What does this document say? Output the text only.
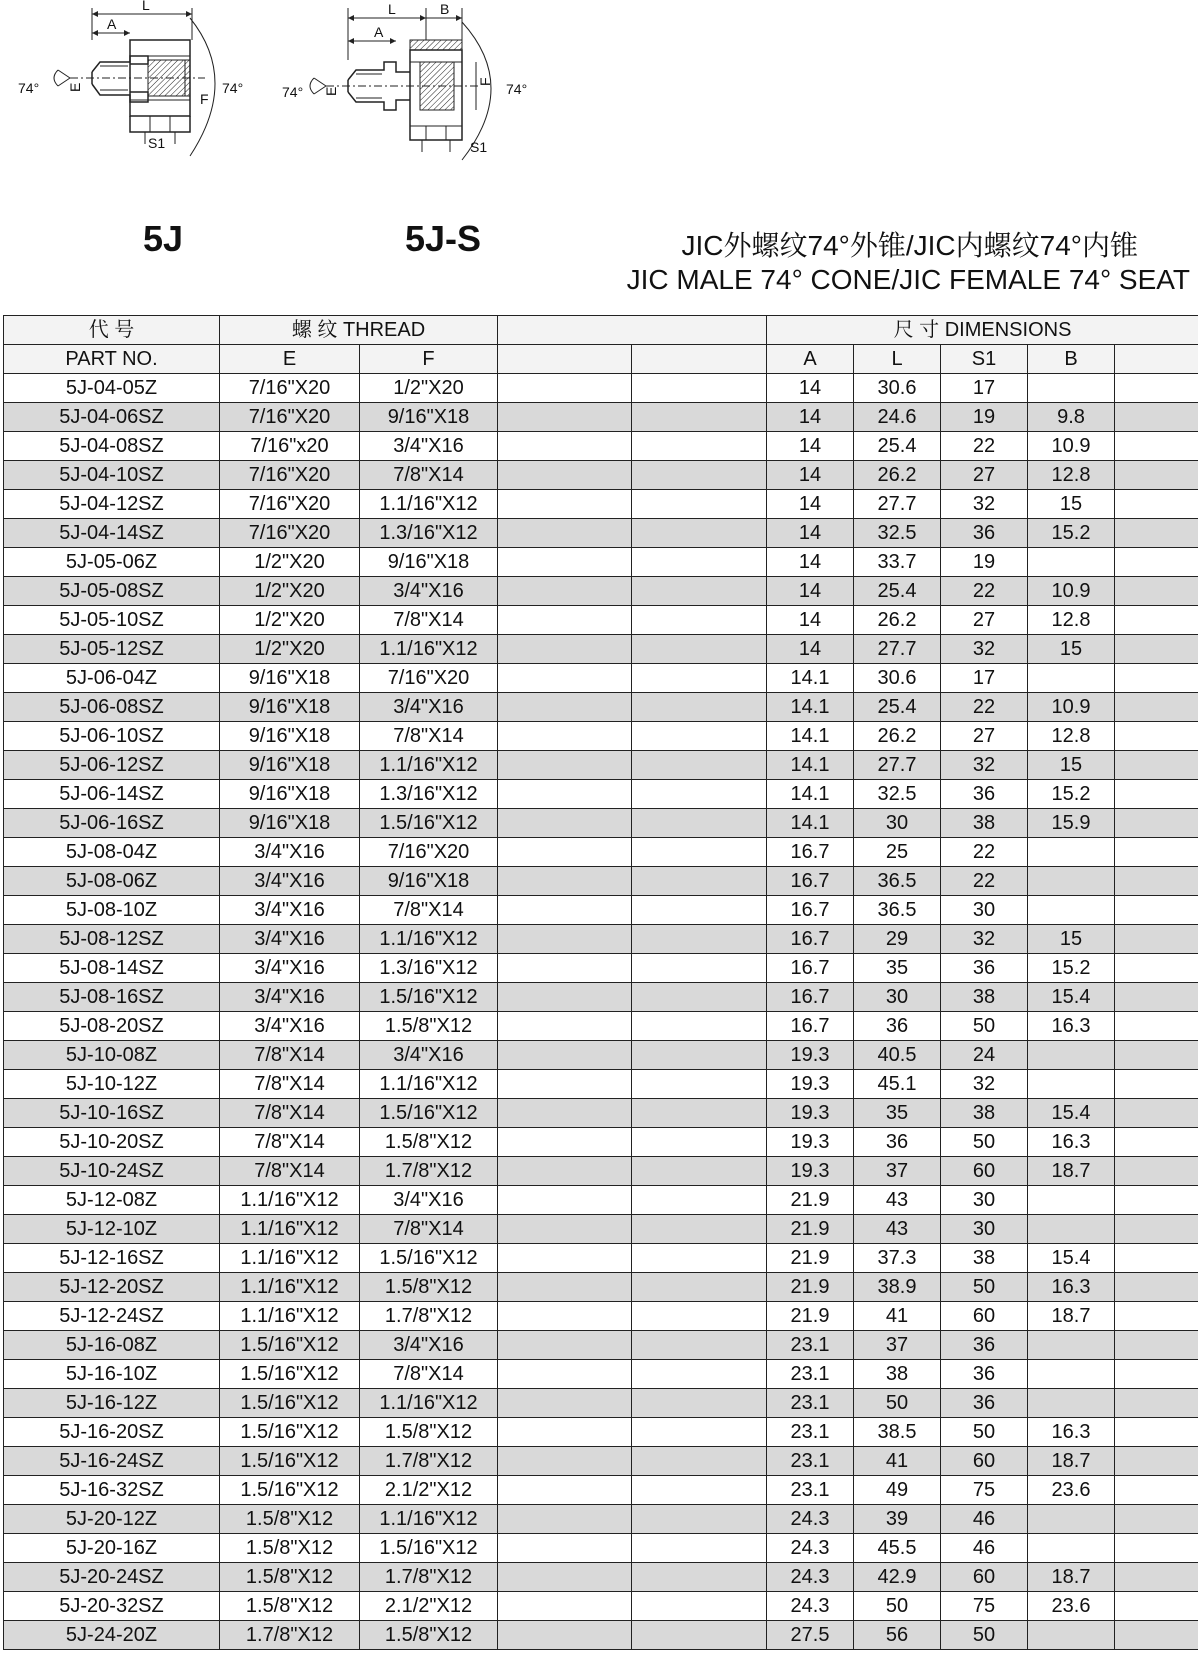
L
A
74° E
F
74°
S1
L	B
A
74° E
F 74°
S1
5J	5J-S	JIC外螺纹74°外锥/JIC内螺纹74°内锥
JIC MALE 74° CONE/JIC FEMALE 74° SEAT
代 号	螺 纹 THREAD				尺 寸 DIMENSIONS				
PART NO.	E	F			A	L	S1	B	
5J-04-05Z	7/16"X20	1/2"X20			14	30.6	17		
5J-04-06SZ	7/16"X20	9/16"X18			14	24.6	19	9.8	
5J-04-08SZ	7/16"x20	3/4"X16			14	25.4	22	10.9	
5J-04-10SZ	7/16"X20	7/8"X14			14	26.2	27	12.8	
5J-04-12SZ	7/16"X20	1.1/16"X12			14	27.7	32	15	
5J-04-14SZ	7/16"X20	1.3/16"X12			14	32.5	36	15.2	
5J-05-06Z	1/2"X20	9/16"X18			14	33.7	19		
5J-05-08SZ	1/2"X20	3/4"X16			14	25.4	22	10.9	
5J-05-10SZ	1/2"X20	7/8"X14			14	26.2	27	12.8	
5J-05-12SZ	1/2"X20	1.1/16"X12			14	27.7	32	15	
5J-06-04Z	9/16"X18	7/16"X20			14.1	30.6	17		
5J-06-08SZ	9/16"X18	3/4"X16			14.1	25.4	22	10.9	
5J-06-10SZ	9/16"X18	7/8"X14			14.1	26.2	27	12.8	
5J-06-12SZ	9/16"X18	1.1/16"X12			14.1	27.7	32	15	
5J-06-14SZ	9/16"X18	1.3/16"X12			14.1	32.5	36	15.2	
5J-06-16SZ	9/16"X18	1.5/16"X12			14.1	30	38	15.9	
5J-08-04Z	3/4"X16	7/16"X20			16.7	25	22		
5J-08-06Z	3/4"X16	9/16"X18			16.7	36.5	22		
5J-08-10Z	3/4"X16	7/8"X14			16.7	36.5	30		
5J-08-12SZ	3/4"X16	1.1/16"X12			16.7	29	32	15	
5J-08-14SZ	3/4"X16	1.3/16"X12			16.7	35	36	15.2	
5J-08-16SZ	3/4"X16	1.5/16"X12			16.7	30	38	15.4	
5J-08-20SZ	3/4"X16	1.5/8"X12			16.7	36	50	16.3	
5J-10-08Z	7/8"X14	3/4"X16			19.3	40.5	24		
5J-10-12Z	7/8"X14	1.1/16"X12			19.3	45.1	32		
5J-10-16SZ	7/8"X14	1.5/16"X12			19.3	35	38	15.4	
5J-10-20SZ	7/8"X14	1.5/8"X12			19.3	36	50	16.3	
5J-10-24SZ	7/8"X14	1.7/8"X12			19.3	37	60	18.7	
5J-12-08Z	1.1/16"X12	3/4"X16			21.9	43	30		
5J-12-10Z	1.1/16"X12	7/8"X14			21.9	43	30		
5J-12-16SZ	1.1/16"X12	1.5/16"X12			21.9	37.3	38	15.4	
5J-12-20SZ	1.1/16"X12	1.5/8"X12			21.9	38.9	50	16.3	
5J-12-24SZ	1.1/16"X12	1.7/8"X12			21.9	41	60	18.7	
5J-16-08Z	1.5/16"X12	3/4"X16			23.1	37	36		
5J-16-10Z	1.5/16"X12	7/8"X14			23.1	38	36		
5J-16-12Z	1.5/16"X12	1.1/16"X12			23.1	50	36		
5J-16-20SZ	1.5/16"X12	1.5/8"X12			23.1	38.5	50	16.3	
5J-16-24SZ	1.5/16"X12	1.7/8"X12			23.1	41	60	18.7	
5J-16-32SZ	1.5/16"X12	2.1/2"X12			23.1	49	75	23.6	
5J-20-12Z	1.5/8"X12	1.1/16"X12			24.3	39	46		
5J-20-16Z	1.5/8"X12	1.5/16"X12			24.3	45.5	46		
5J-20-24SZ	1.5/8"X12	1.7/8"X12			24.3	42.9	60	18.7	
5J-20-32SZ	1.5/8"X12	2.1/2"X12			24.3	50	75	23.6	
5J-24-20Z	1.7/8"X12	1.5/8"X12			27.5	56	50		
